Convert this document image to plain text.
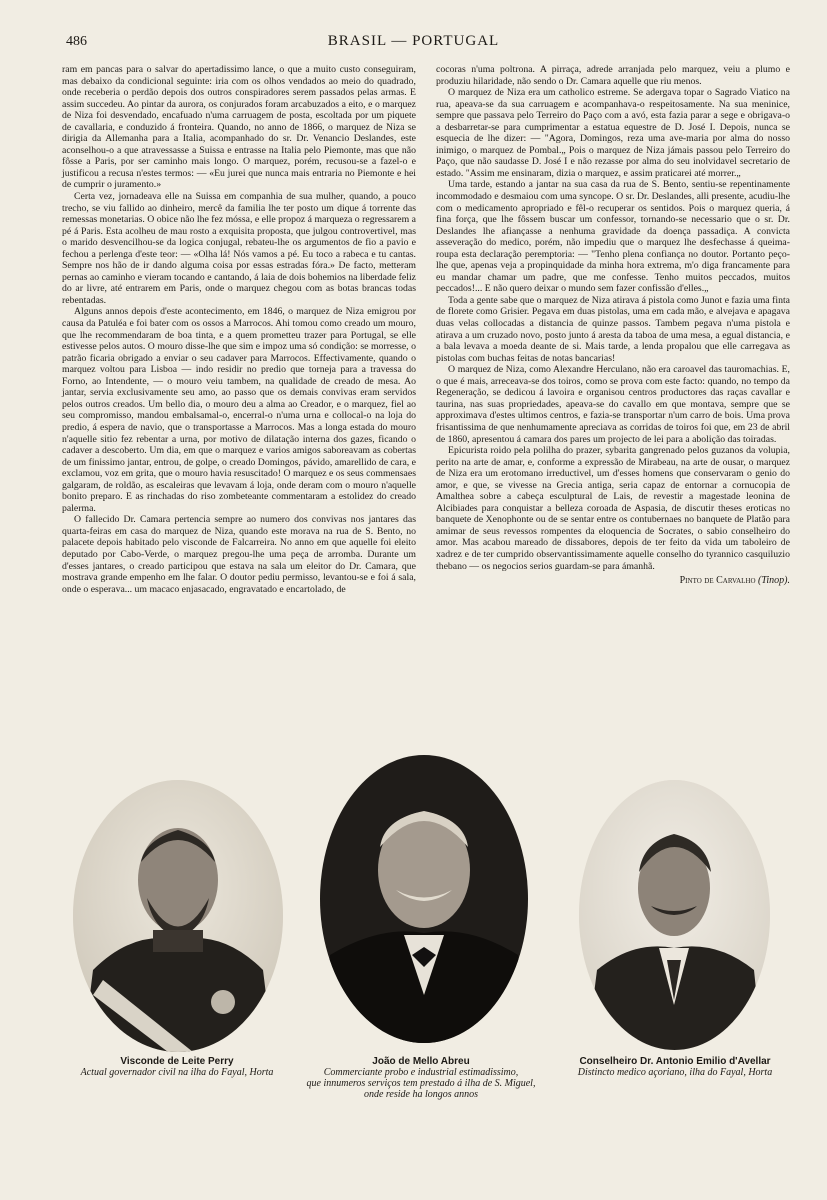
486	BRASIL — PORTUGAL

ram em pancas para o salvar do apertadissimo lance, o que a muito custo conseguiram, mas debaixo da condicional seguinte: iria com os olhos vendados ao meio do quadrado, onde receberia o perdão depois dos outros conspiradores serem passados pelas armas. E assim succedeu. Ao pintar da aurora, os conjurados foram arcabuzados a eito, e o marquez de Niza foi desvendado, encafuado n'uma carruagem de posta, escoltada por um piquete de cavallaria, e conduzido á fronteira. Quando, no anno de 1866, o marquez de Niza se dirigia da Allemanha para a Italia, acompanhado do sr. Dr. Venancio Deslandes, este aconselhou-o a que atravessasse a Suissa e entrasse na Italia pelo Piemonte, mas que não fôsse a Paris, por ser caminho mais longo. O marquez, porém, recusou-se a fazel-o e justificou a recusa n'estes termos: — «Eu jurei que nunca mais entraria no Piemonte e hei de cumprir o juramento.»

Certa vez, jornadeava elle na Suissa em companhia de sua mulher, quando, a pouco trecho, se viu fallido ao dinheiro, mercê da familia lhe ter posto um dique á torrente das remessas monetarias. O obice não lhe fez móssa, e elle propoz á marqueza o regressarem a pé á Paris. Esta acolheu de mau rosto a exquisita proposta, que julgou controvertivel, mas o marido desvencilhou-se da logica conjugal, rebateu-lhe os argumentos de fio a pavio e fechou a perlenga d'este teor: — «Olha lá! Nós vamos a pé. Eu toco a rabeca e tu cantas. Sempre nos hão de ir dando alguma coisa por essas estradas fóra.» De facto, metteram pernas ao caminho e vieram tocando e cantando, á laia de dois bohemios na liberdade feliz do ar livre, até entrarem em Paris, onde o marquez chegou com as botas brancas todas rebentadas.

Alguns annos depois d'este acontecimento, em 1846, o marquez de Niza emigrou por causa da Patuléa e foi bater com os ossos a Marrocos. Ahi tomou como creado um mouro, que lhe recommendaram de boa tinta, e a quem prometteu trazer para Portugal, se elle estivesse pelos autos. O mouro disse-lhe que sim e impoz uma só condição: se morresse, o patrão ficaria obrigado a enviar o seu cadaver para Marrocos. Effectivamente, quando o marquez voltou para Lisboa — indo residir no predio que torneja para a travessa do Forno, ao Intendente, — o mouro veiu tambem, na qualidade de creado de mesa. Ao jantar, servia exclusivamente seu amo, ao passo que os demais convivas eram servidos pelos outros creados. Um bello dia, o mouro deu a alma ao Creador, e o marquez, fiel ao seu compromisso, mandou embalsamal-o, encerral-o n'uma urna e collocal-o na loja do predio, á espera de navio, que o transportasse a Marrocos. Mas a longa estada do mouro n'aquelle sitio fez rebentar a urna, por motivo de dilatação interna dos gazes, ficando o cadaver a descoberto. Um dia, em que o marquez e varios amigos saboreavam as cobertas de um finissimo jantar, entrou, de golpe, o creado Domingos, pávido, amarellido de cara, e exclamou, voz em grita, que o mouro havia resuscitado! O marquez e os seus commensaes galgaram, de roldão, as escaleiras que levavam á loja, onde deram com o mouro n'aquelle bonito preparo. E as rinchadas do riso zombeteante commentaram a estolidez do creado palerma.

O fallecido Dr. Camara pertencia sempre ao numero dos convivas nos jantares das quarta-feiras em casa do marquez de Niza, quando este morava na rua de S. Bento, no palacete depois habitado pelo visconde de Falcarreira. No anno em que aquelle foi eleito deputado por Cabo-Verde, o marquez pregou-lhe uma peça de arromba. Durante um d'esses jantares, o creado participou que estava na sala um eleitor do Dr. Camara, que mostrava grande empenho em lhe falar. O doutor pediu permisso, levantou-se e foi á sala, onde o esperava... um macaco enjasacado, engravatado e encartolado, de

cocoras n'uma poltrona. A pirraça, adrede arranjada pelo marquez, veiu a plumo e produziu hilaridade, não sendo o Dr. Camara aquelle que riu menos.

O marquez de Niza era um catholico estreme. Se adergava topar o Sagrado Viatico na rua, apeava-se da sua carruagem e acompanhava-o respeitosamente. Na sua meninice, sempre que passava pelo Terreiro do Paço com a avó, esta fazia parar a sege e obrigava-o a desbarretar-se para cumprimentar a estatua equestre de D. José I. Depois, nunca se esquecia de lhe dizer: — "Agora, Domingos, reza uma ave-maria por alma do nosso inimigo, o marquez de Pombal.„ Pois o marquez de Niza jámais passou pelo Terreiro do Paço, que não saudasse D. José I e não rezasse por alma do seu inolvidavel secretario de estado. "Assim me ensinaram, dizia o marquez, e assim praticarei até morrer.„

Uma tarde, estando a jantar na sua casa da rua de S. Bento, sentiu-se repentinamente incommodado e desmaiou com uma syncope. O sr. Dr. Deslandes, alli presente, acudiu-lhe com o medicamento apropriado e fêl-o recuperar os sentidos. Pois o marquez queria, á fina força, que lhe fôssem buscar um confessor, tornando-se necessario que o sr. Dr. Deslandes lhe afiançasse a nenhuma gravidade da doença passadiça. A convicta asseveração do medico, porém, não impediu que o marquez lhe desfechasse á queima-roupa esta declaração peremptoria: — "Tenho plena confiança no doutor. Portanto peço-lhe que, apenas veja a propinquidade da minha hora extrema, m'o diga francamente para eu mandar chamar um padre, que me confesse. Tenho muitos peccados, muitos peccados!... E não quero deixar o mundo sem fazer confissão d'elles.„

Toda a gente sabe que o marquez de Niza atirava á pistola como Junot e fazia uma finta de florete como Grisier. Pegava em duas pistolas, uma em cada mão, e alvejava e apagava duas velas collocadas a distancia de quinze passos. Tambem pegava n'uma pistola e atirava a um cruzado novo, posto junto á aresta da taboa de uma mesa, a egual distancia, e a bala levava a moeda deante de si. Mais tarde, a lenda propalou que elle carregava as pistolas com buchas feitas de notas bancarias!

O marquez de Niza, como Alexandre Herculano, não era caroavel das tauromachias. E, o que é mais, arreceava-se dos toiros, como se prova com este facto: quando, no tempo da Regeneração, se dedicou á lavoira e organisou centros productores das raças cavallar e taurina, nas suas propriedades, apeava-se do cavallo em que montava, sempre que se approximava d'estes ultimos centros, e fazia-se transportar n'um carro de bois. Uma prova frisantissima de que nenhumamente apreciava as corridas de toiros foi que, em 23 de abril de 1860, apresentou á camara dos pares um projecto de lei para a abolição das toiradas.

Epicurista roido pela polilha do prazer, sybarita gangrenado pelos guzanos da volupia, perito na arte de amar, e, conforme a expressão de Mirabeau, na arte de ousar, o marquez de Niza era um erotomano irreductivel, um d'esses homens que conservaram o genio do amor, e que, se vivesse na Grecia antiga, seria capaz de entornar a cornucopia de Amalthea sobre a cabeça esculptural de Lais, de revestir a magestade leonina de Alcibiades para conquistar a belleza coroada de Aspasia, de discutir theses eroticas no banquete de Xenophonte ou de se sentar entre os contubernaes no banquete de Platão para amimar de seus revessos rompentes da eloquencia de Socrates, o sabio conselheiro do amor. Mas acabou mareado de dissabores, depois de ter feito da vida um taboleiro de xadrez e de ter cumprido observantissimamente aquelle conselho do tyrannico casquiluzio thebano — os negocios serios guardam-se para ámanhã.

Pinto de Carvalho (Tinop).
Visconde de Leite Perry
Actual governador civil na ilha do Fayal, Horta
João de Mello Abreu
Commerciante probo e industrial estimadissimo,
que innumeros serviços tem prestado á ilha de S. Miguel,
onde reside ha longos annos
Conselheiro Dr. Antonio Emilio d'Avellar
Distincto medico açoriano, ilha do Fayal, Horta
